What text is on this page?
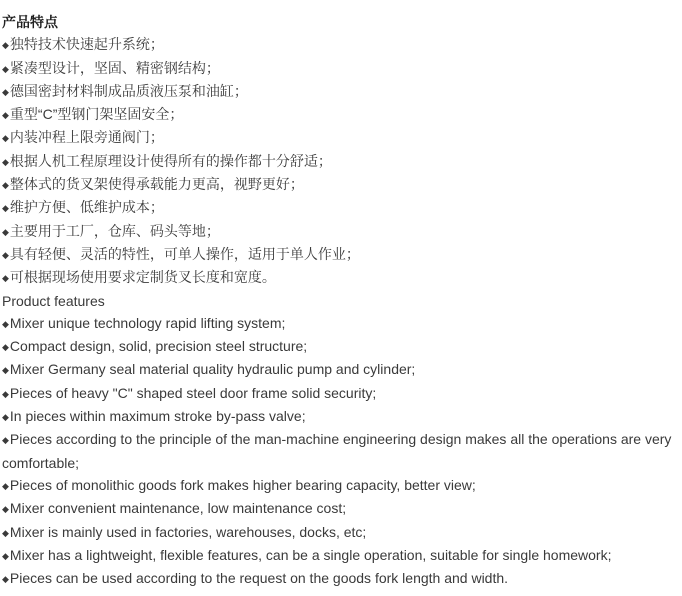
产品特点
◆独特技术快速起升系统；
◆紧凑型设计，坚固、精密钢结构；
◆德国密封材料制成品质液压泵和油缸；
◆重型“C”型钢门架坚固安全；
◆内装冲程上限旁通阀门；
◆根据人机工程原理设计使得所有的操作都十分舒适；
◆整体式的货叉架使得承载能力更高，视野更好；
◆维护方便、低维护成本；
◆主要用于工厂，仓库、码头等地；
◆具有轻便、灵活的特性，可单人操作，适用于单人作业；
◆可根据现场使用要求定制货叉长度和宽度。
Product features
◆Mixer unique technology rapid lifting system;
◆Compact design, solid, precision steel structure;
◆Mixer Germany seal material quality hydraulic pump and cylinder;
◆Pieces of heavy "C" shaped steel door frame solid security;
◆In pieces within maximum stroke by-pass valve;
◆Pieces according to the principle of the man-machine engineering design makes all the operations are very comfortable;
◆Pieces of monolithic goods fork makes higher bearing capacity, better view;
◆Mixer convenient maintenance, low maintenance cost;
◆Mixer is mainly used in factories, warehouses, docks, etc;
◆Mixer has a lightweight, flexible features, can be a single operation, suitable for single homework;
◆Pieces can be used according to the request on the goods fork length and width.
